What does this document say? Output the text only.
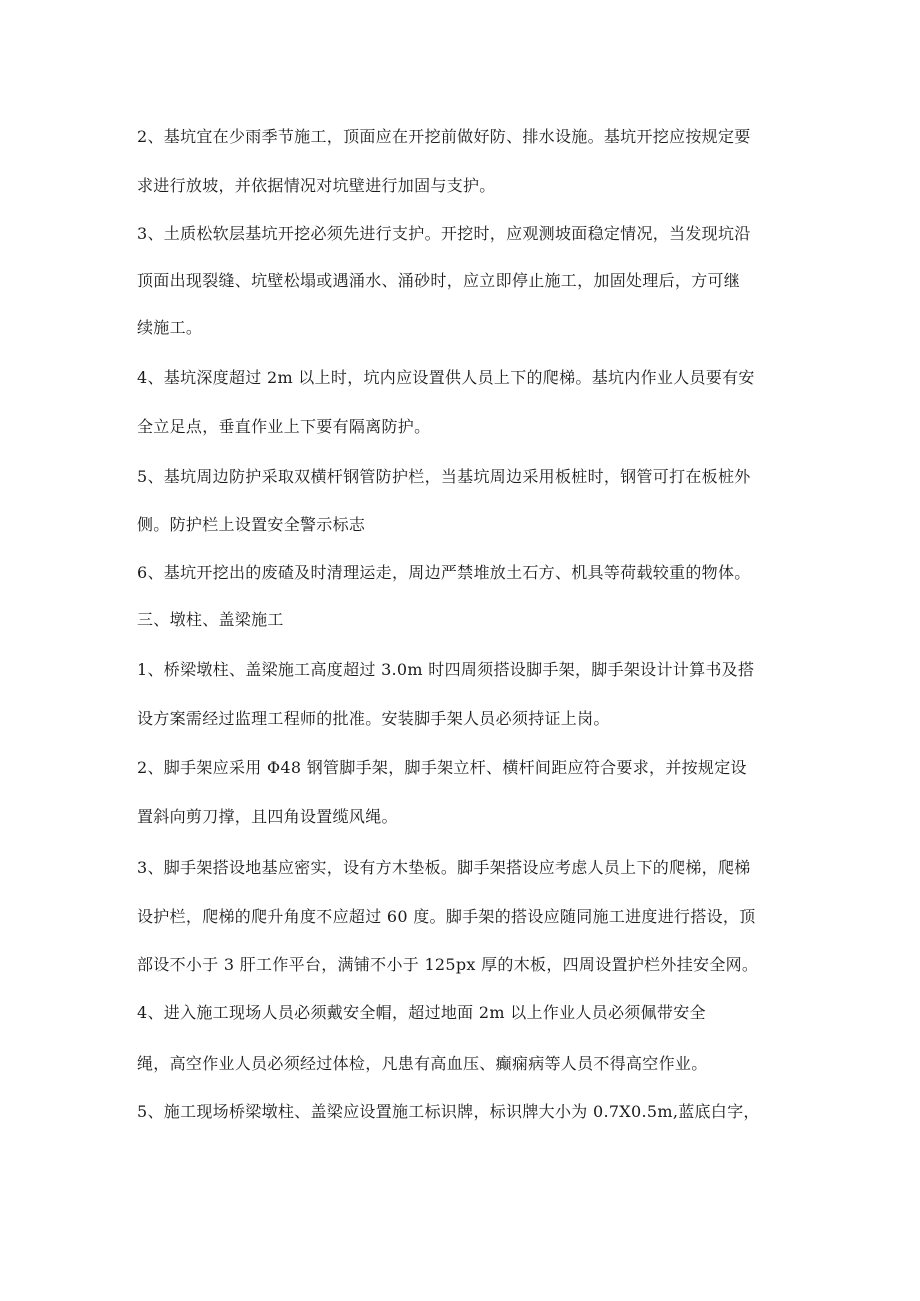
2、基坑宜在少雨季节施工，顶面应在开挖前做好防、排水设施。基坑开挖应按规定要
求进行放坡，并依据情况对坑壁进行加固与支护。
3、土质松软层基坑开挖必须先进行支护。开挖时，应观测坡面稳定情况，当发现坑沿
顶面出现裂缝、坑壁松塌或遇涌水、涌砂时，应立即停止施工，加固处理后，方可继
续施工。
4、基坑深度超过 2m 以上时，坑内应设置供人员上下的爬梯。基坑内作业人员要有安
全立足点，垂直作业上下要有隔离防护。
5、基坑周边防护采取双横杆钢管防护栏，当基坑周边采用板桩时，钢管可打在板桩外
侧。防护栏上设置安全警示标志
6、基坑开挖出的废碴及时清理运走，周边严禁堆放土石方、机具等荷载较重的物体。
三、墩柱、盖梁施工
1、桥梁墩柱、盖梁施工高度超过 3.0m 时四周须搭设脚手架，脚手架设计计算书及搭
设方案需经过监理工程师的批准。安装脚手架人员必须持证上岗。
2、脚手架应采用 Φ48 钢管脚手架，脚手架立杆、横杆间距应符合要求，并按规定设
置斜向剪刀撑，且四角设置缆风绳。
3、脚手架搭设地基应密实，设有方木垫板。脚手架搭设应考虑人员上下的爬梯，爬梯
设护栏，爬梯的爬升角度不应超过 60 度。脚手架的搭设应随同施工进度进行搭设，顶
部设不小于 3 肝工作平台，满铺不小于 125px 厚的木板，四周设置护栏外挂安全网。
4、进入施工现场人员必须戴安全帽，超过地面 2m 以上作业人员必须佩带安全
绳，高空作业人员必须经过体检，凡患有高血压、癫痫病等人员不得高空作业。
5、施工现场桥梁墩柱、盖梁应设置施工标识牌，标识牌大小为 0.7X0.5m,蓝底白字，
